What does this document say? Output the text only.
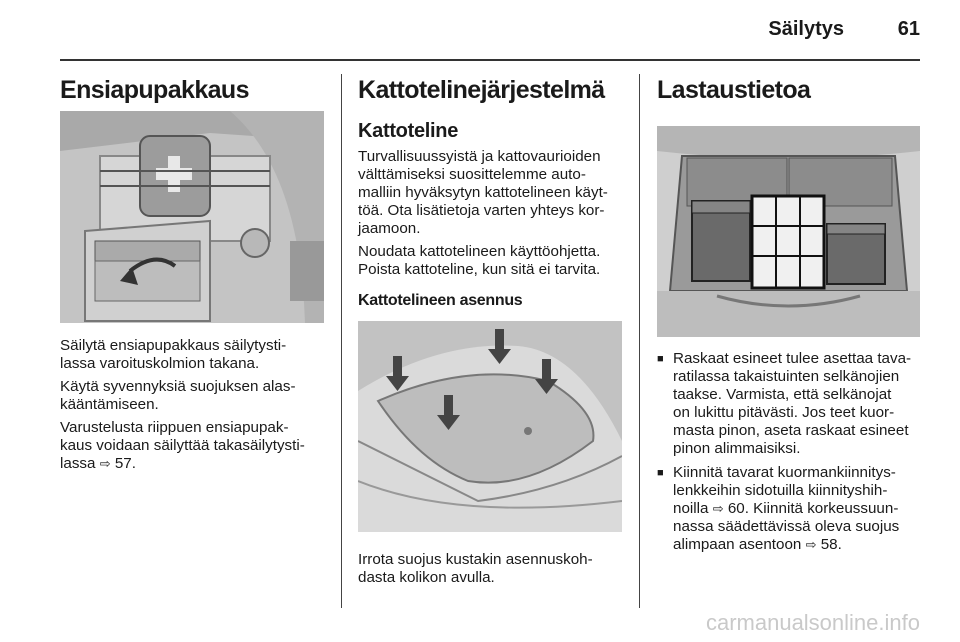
Säilytys	61
Ensiapupakkaus

Säilytä ensiapupakkaus säilytysti-
lassa varoituskolmion takana.

Käytä syvennyksiä suojuksen alas-
kääntämiseen.

Varustelusta riippuen ensiapupak-
kaus voidaan säilyttää takasäilytysti-
lassa ⇨ 57.

Kattotelinejärjestelmä
Kattoteline

Turvallisuussyistä ja kattovaurioiden
välttämiseksi suosittelemme auto-
malliin hyväksytyn kattotelineen käyt-
töä. Ota lisätietoja varten yhteys kor-
jaamoon.

Noudata kattotelineen käyttöohjetta.
Poista kattoteline, kun sitä ei tarvita.

Kattotelineen asennus

Irrota suojus kustakin asennuskoh-
dasta kolikon avulla.

Lastaustietoa
■ Raskaat esineet tulee asettaa tava-
ratilassa takaistuinten selkänojien
taakse. Varmista, että selkänojat
on lukittu pitävästi. Jos teet kuor-
masta pinon, aseta raskaat esineet
pinon alimmaisiksi.
■ Kiinnitä tavarat kuormankiinnitys-
lenkkeihin sidotuilla kiinnityshih-
noilla ⇨ 60. Kiinnitä korkeussuun-
nassa säädettävissä oleva suojus
alimpaan asentoon ⇨ 58.
carmanualsonline.info
